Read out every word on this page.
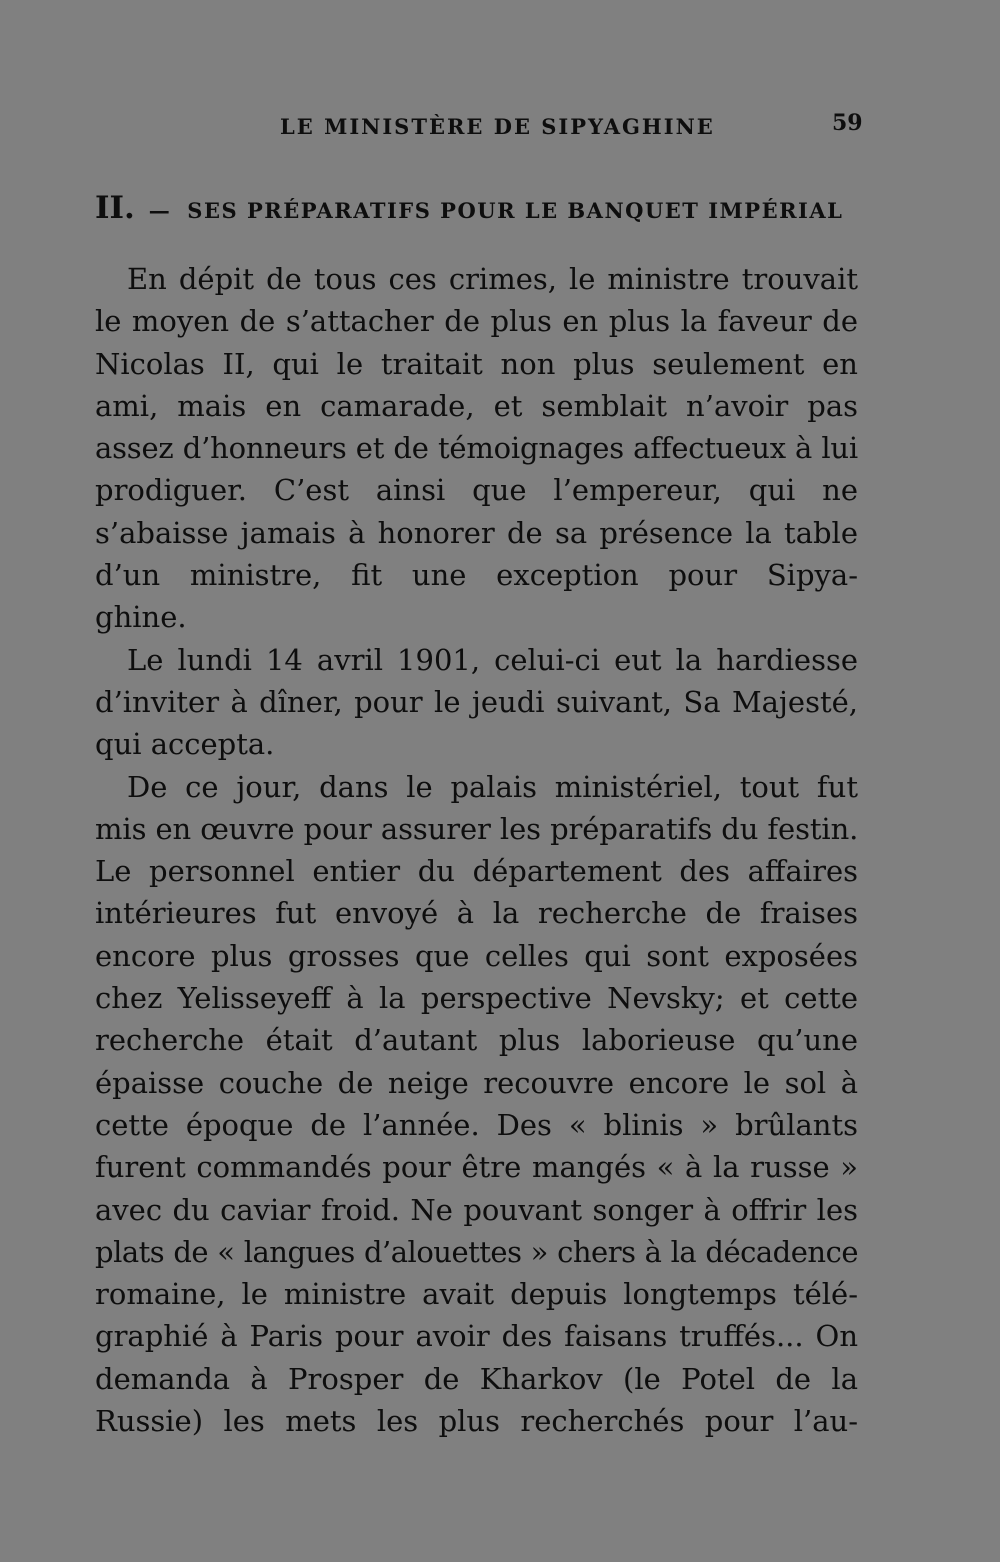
LE MINISTÈRE DE SIPYAGHINE	59
II. — SES PRÉPARATIFS POUR LE BANQUET IMPÉRIAL
En dépit de tous ces crimes, le ministre trouvait
le moyen de s’attacher de plus en plus la faveur de
Nicolas II, qui le traitait non plus seulement en
ami, mais en camarade, et semblait n’avoir pas
assez d’honneurs et de témoignages affectueux à lui
prodiguer. C’est ainsi que l’empereur, qui ne
s’abaisse jamais à honorer de sa présence la table
d’un ministre, fit une exception pour Sipya-
ghine.
Le lundi 14 avril 1901, celui-ci eut la hardiesse
d’inviter à dîner, pour le jeudi suivant, Sa Majesté,
qui accepta.
De ce jour, dans le palais ministériel, tout fut
mis en œuvre pour assurer les préparatifs du festin.
Le personnel entier du département des affaires
intérieures fut envoyé à la recherche de fraises
encore plus grosses que celles qui sont exposées
chez Yelisseyeff à la perspective Nevsky; et cette
recherche était d’autant plus laborieuse qu’une
épaisse couche de neige recouvre encore le sol à
cette époque de l’année. Des « blinis » brûlants
furent commandés pour être mangés « à la russe »
avec du caviar froid. Ne pouvant songer à offrir les
plats de « langues d’alouettes » chers à la décadence
romaine, le ministre avait depuis longtemps télé-
graphié à Paris pour avoir des faisans truffés... On
demanda à Prosper de Kharkov (le Potel de la
Russie) les mets les plus recherchés pour l’au-
